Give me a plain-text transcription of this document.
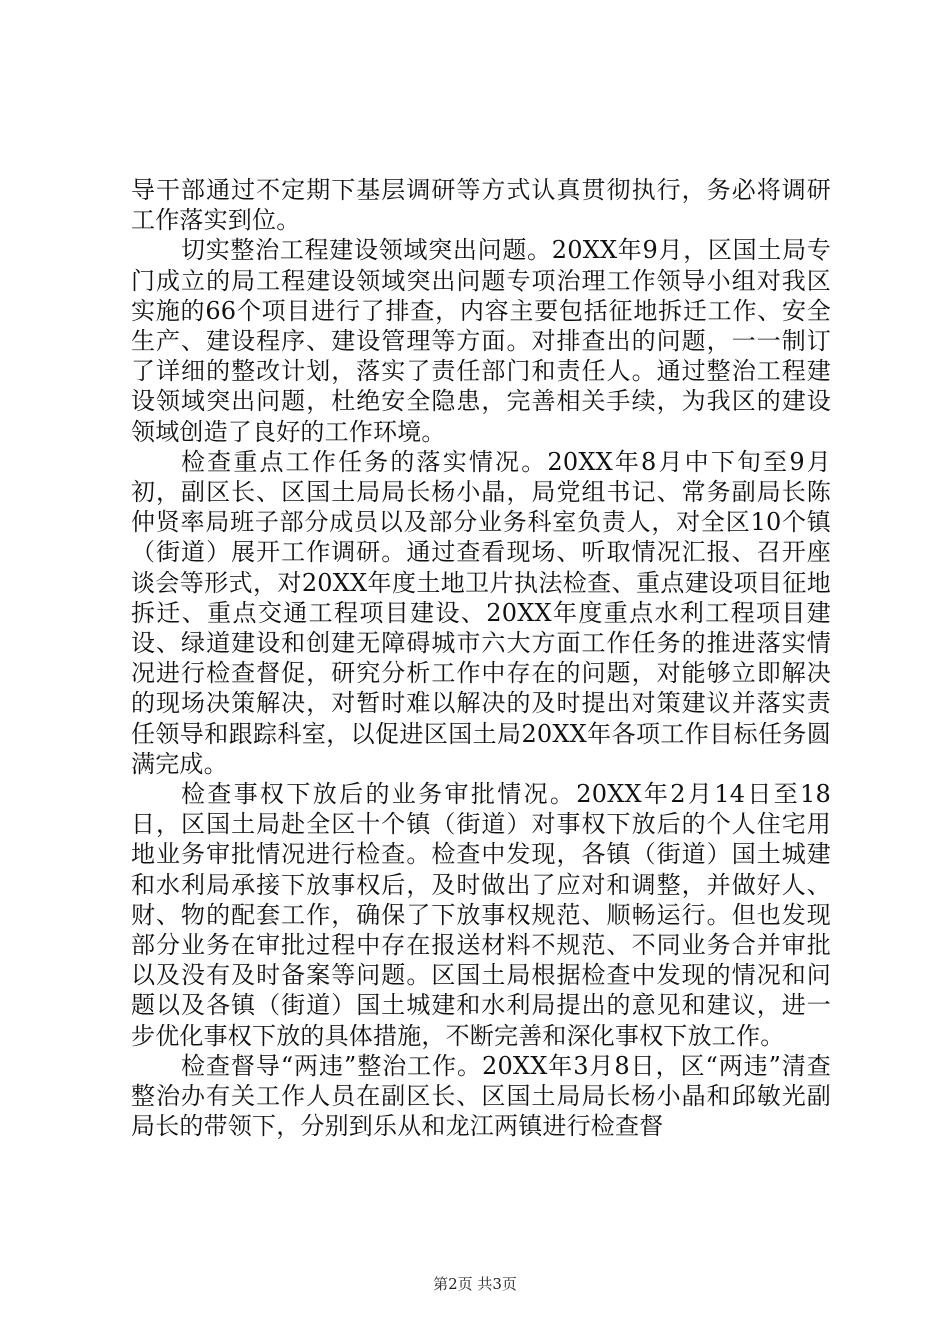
导干部通过不定期下基层调研等方式认真贯彻执行，务必将调研工作落实到位。

切实整治工程建设领域突出问题。20XX年9月，区国土局专门成立的局工程建设领域突出问题专项治理工作领导小组对我区实施的66个项目进行了排查，内容主要包括征地拆迁工作、安全生产、建设程序、建设管理等方面。对排查出的问题，一一制订了详细的整改计划，落实了责任部门和责任人。通过整治工程建设领域突出问题，杜绝安全隐患，完善相关手续，为我区的建设领域创造了良好的工作环境。

检查重点工作任务的落实情况。20XX年8月中下旬至9月初，副区长、区国土局局长杨小晶，局党组书记、常务副局长陈仲贤率局班子部分成员以及部分业务科室负责人，对全区10个镇（街道）展开工作调研。通过查看现场、听取情况汇报、召开座谈会等形式，对20XX年度土地卫片执法检查、重点建设项目征地拆迁、重点交通工程项目建设、20XX年度重点水利工程项目建设、绿道建设和创建无障碍城市六大方面工作任务的推进落实情况进行检查督促，研究分析工作中存在的问题，对能够立即解决的现场决策解决，对暂时难以解决的及时提出对策建议并落实责任领导和跟踪科室，以促进区国土局20XX年各项工作目标任务圆满完成。

检查事权下放后的业务审批情况。20XX年2月14日至18日，区国土局赴全区十个镇（街道）对事权下放后的个人住宅用地业务审批情况进行检查。检查中发现，各镇（街道）国土城建和水利局承接下放事权后，及时做出了应对和调整，并做好人、财、物的配套工作，确保了下放事权规范、顺畅运行。但也发现部分业务在审批过程中存在报送材料不规范、不同业务合并审批以及没有及时备案等问题。区国土局根据检查中发现的情况和问题以及各镇（街道）国土城建和水利局提出的意见和建议，进一步优化事权下放的具体措施，不断完善和深化事权下放工作。

检查督导“两违”整治工作。20XX年3月8日，区“两违”清查整治办有关工作人员在副区长、区国土局局长杨小晶和邱敏光副局长的带领下，分别到乐从和龙江两镇进行检查督

第2页 共3页
